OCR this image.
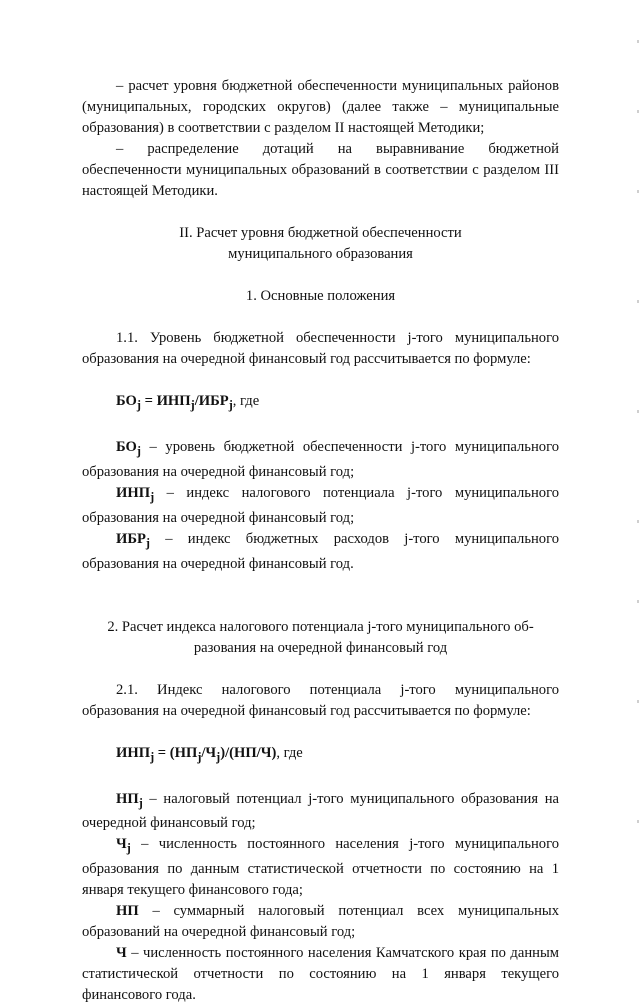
– расчет уровня бюджетной обеспеченности муниципальных районов (муниципальных, городских округов) (далее также – муниципальные образования) в соответствии с разделом II настоящей Методики;

– распределение дотаций на выравнивание бюджетной обеспеченности муниципальных образований в соответствии с разделом III настоящей Методики.

II. Расчет уровня бюджетной обеспеченности

муниципального образования

1. Основные положения

1.1. Уровень бюджетной обеспеченности j-того муниципального образования на очередной финансовый год рассчитывается по формуле:

$БО_j = ИНП_j/ИБР_j$, где

$БО_j$ – уровень бюджетной обеспеченности j-того муниципального образования на очередной финансовый год;

$ИНП_j$ – индекс налогового потенциала j-того муниципального образования на очередной финансовый год;

$ИБР_j$ – индекс бюджетных расходов j-того муниципального образования на очередной финансовый год.

2. Расчет индекса налогового потенциала j-того муниципального об-

разования на очередной финансовый год

2.1. Индекс налогового потенциала j-того муниципального образования на очередной финансовый год рассчитывается по формуле:

$ИНП_j = (НП_j/Ч_j)/(НП/Ч)$, где

$НП_j$ – налоговый потенциал j-того муниципального образования на очередной финансовый год;

$Ч_j$ – численность постоянного населения j-того муниципального образования по данным статистической отчетности по состоянию на 1 января текущего финансового года;

НП – суммарный налоговый потенциал всех муниципальных образований на очередной финансовый год;

Ч – численность постоянного населения Камчатского края по данным статистической отчетности по состоянию на 1 января текущего финансового года.
